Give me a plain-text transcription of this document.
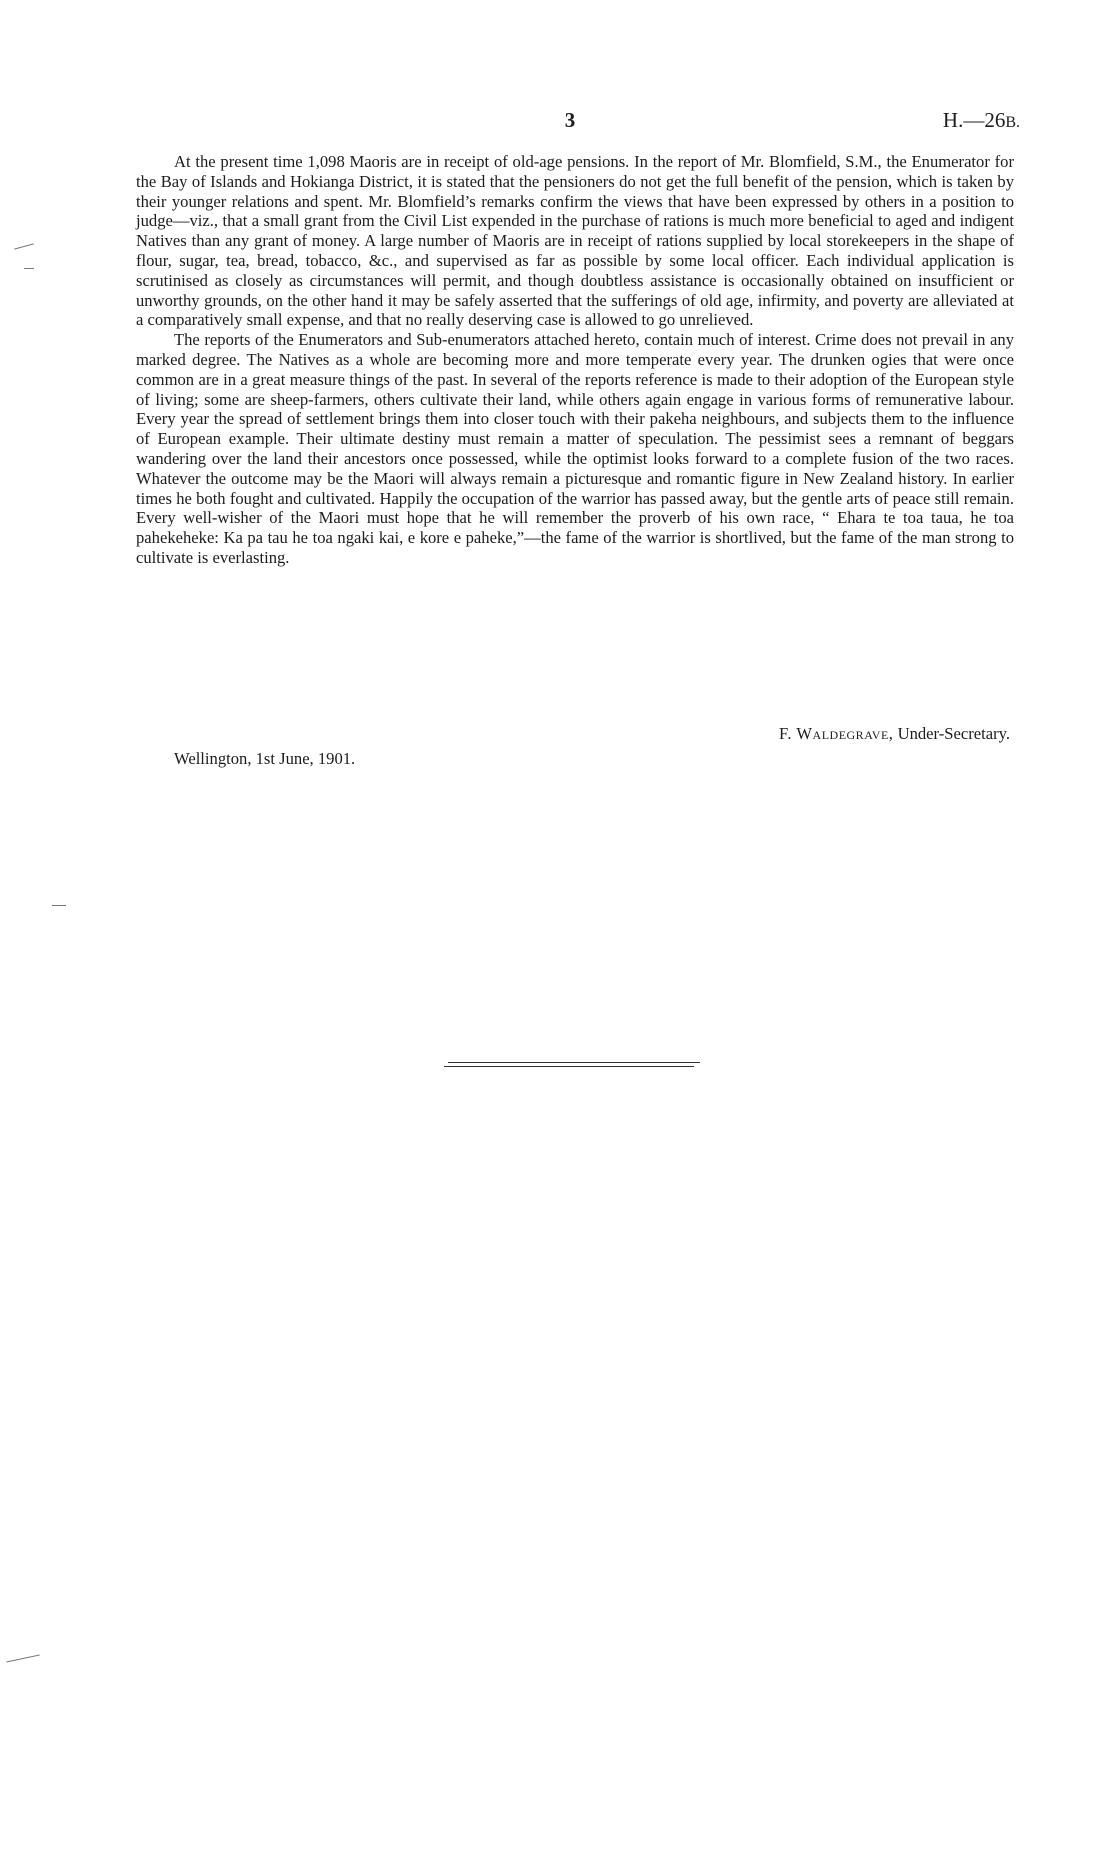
3	H.—26B.

At the present time 1,098 Maoris are in receipt of old-age pensions. In the report of Mr. Blomfield, S.M., the Enumerator for the Bay of Islands and Hokianga District, it is stated that the pensioners do not get the full benefit of the pension, which is taken by their younger relations and spent. Mr. Blomfield’s remarks confirm the views that have been expressed by others in a position to judge—viz., that a small grant from the Civil List expended in the purchase of rations is much more beneficial to aged and indigent Natives than any grant of money. A large number of Maoris are in receipt of rations supplied by local storekeepers in the shape of flour, sugar, tea, bread, tobacco, &c., and supervised as far as possible by some local officer. Each individual application is scrutinised as closely as circumstances will permit, and though doubtless assistance is occasionally obtained on insufficient or unworthy grounds, on the other hand it may be safely asserted that the sufferings of old age, infirmity, and poverty are alleviated at a comparatively small expense, and that no really deserving case is allowed to go unrelieved.

The reports of the Enumerators and Sub-enumerators attached hereto, contain much of interest. Crime does not prevail in any marked degree. The Natives as a whole are becoming more and more temperate every year. The drunken ogies that were once common are in a great measure things of the past. In several of the reports reference is made to their adoption of the European style of living; some are sheep-farmers, others cultivate their land, while others again engage in various forms of remunerative labour. Every year the spread of settlement brings them into closer touch with their pakeha neighbours, and subjects them to the influence of European example. Their ultimate destiny must remain a matter of speculation. The pessimist sees a remnant of beggars wandering over the land their ancestors once possessed, while the optimist looks forward to a complete fusion of the two races. Whatever the outcome may be the Maori will always remain a picturesque and romantic figure in New Zealand history. In earlier times he both fought and cultivated. Happily the occupation of the warrior has passed away, but the gentle arts of peace still remain. Every well-wisher of the Maori must hope that he will remember the proverb of his own race, “ Ehara te toa taua, he toa pahekeheke: Ka pa tau he toa ngaki kai, e kore e paheke,”—the fame of the warrior is shortlived, but the fame of the man strong to cultivate is everlasting.

F. Waldegrave, Under-Secretary.
Wellington, 1st June, 1901.
